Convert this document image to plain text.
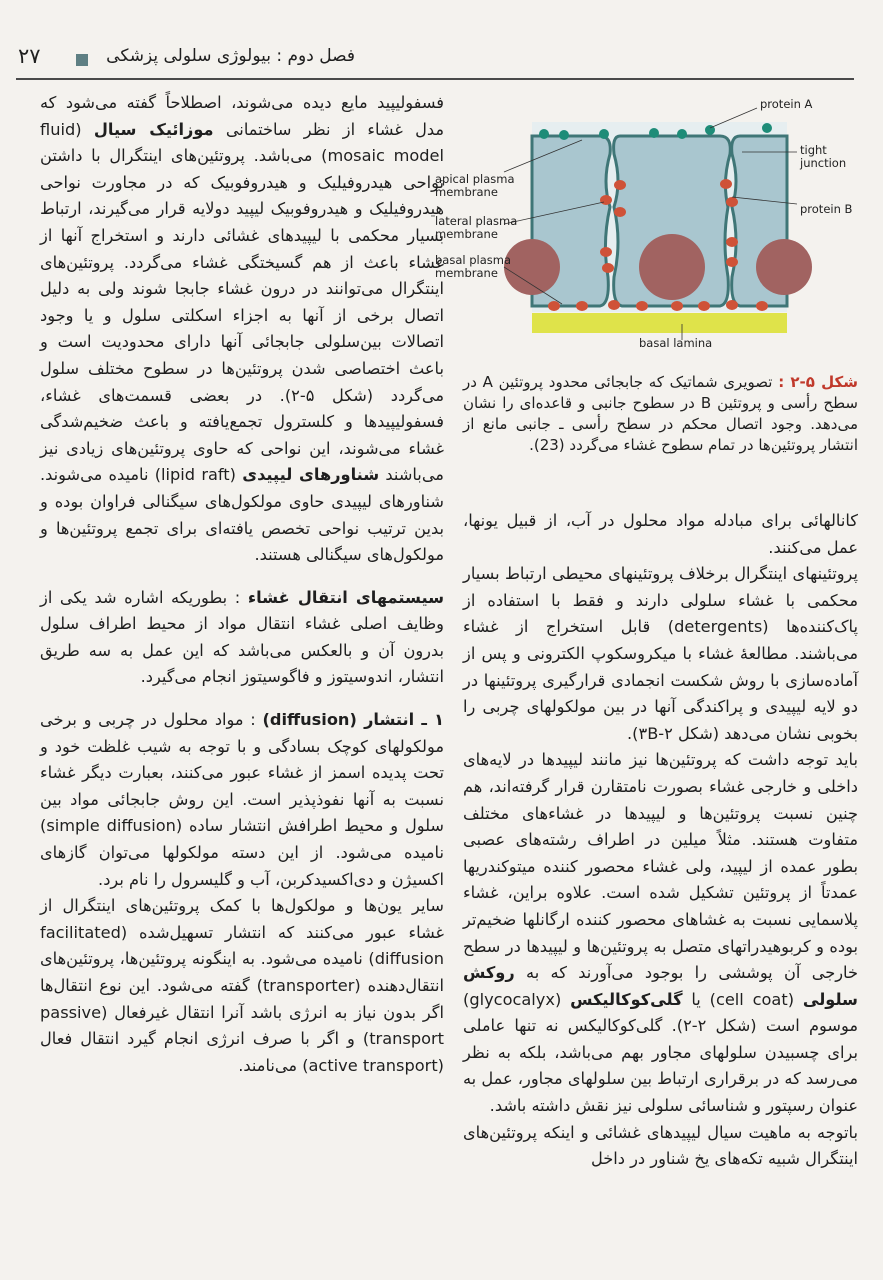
فصل دوم : بیولوژی سلولی پزشکی
۲۷
protein A
tight
junction
protein B
apical plasma
membrane
lateral plasma
membrane
basal plasma
membrane
basal lamina
شکل ۵-۲ : تصویری شماتیک که جابجائی محدود پروتئین A در سطح رأسی و پروتئین B در سطوح جانبی و قاعده‌ای را نشان می‌دهد. وجود اتصال محکم در سطح رأسی ـ جانبی مانع از انتشار پروتئین‌ها در تمام سطوح غشاء می‌گردد (23).

فسفولیپید مایع دیده می‌شوند، اصطلاحاً گفته می‌شود که مدل غشاء از نظر ساختمانی موزائیک سیال (fluid mosaic model) می‌باشد. پروتئین‌های اینتگرال با داشتن نواحی هیدروفیلیک و هیدروفوبیک که در مجاورت نواحی هیدروفیلیک و هیدروفوبیک لیپید دولایه قرار می‌گیرند، ارتباط بسیار محکمی با لیپیدهای غشائی دارند و استخراج آنها از غشاء باعث از هم گسیختگی غشاء می‌گردد. پروتئین‌های اینتگرال می‌توانند در درون غشاء جابجا شوند ولی به دلیل اتصال برخی از آنها به اجزاء اسکلتی سلول و یا وجود اتصالات بین‌سلولی جابجائی آنها دارای محدودیت است و باعث اختصاصی شدن پروتئین‌ها در سطوح مختلف سلول می‌گردد (شکل ۵-۲). در بعضی قسمت‌های غشاء، فسفولیپیدها و کلسترول تجمع‌یافته و باعث ضخیم‌شدگی غشاء می‌شوند، این نواحی که حاوی پروتئین‌های زیادی نیز می‌باشند شناورهای لیپیدی (lipid raft) نامیده می‌شوند. شناورهای لیپیدی حاوی مولکول‌های سیگنالی فراوان بوده و بدین ترتیب نواحی تخصص یافته‌ای برای تجمع پروتئین‌ها و مولکول‌های سیگنالی هستند.

سیستمهای انتقال غشاء : بطوریکه اشاره شد یکی از وظایف اصلی غشاء انتقال مواد از محیط اطراف سلول بدرون آن و بالعکس می‌باشد که این عمل به سه طریق انتشار، اندوسیتوز و فاگوسیتوز انجام می‌گیرد.

۱ ـ انتشار (diffusion) : مواد محلول در چربی و برخی مولکولهای کوچک بسادگی و با توجه به شیب غلظت خود و تحت پدیده اسمز از غشاء عبور می‌کنند، بعبارت دیگر غشاء نسبت به آنها نفوذپذیر است. این روش جابجائی مواد بین سلول و محیط اطرافش انتشار ساده (simple diffusion) نامیده می‌شود. از این دسته مولکولها می‌توان گازهای اکسیژن و دی‌اکسیدکربن، آب و گلیسرول را نام برد.

سایر یون‌ها و مولکول‌ها با کمک پروتئین‌های اینتگرال از غشاء عبور می‌کنند که انتشار تسهیل‌شده (facilitated diffusion) نامیده می‌شود. به اینگونه پروتئین‌ها، پروتئین‌های انتقال‌دهنده (transporter) گفته می‌شود. این نوع انتقال‌ها اگر بدون نیاز به انرژی باشد آنرا انتقال غیرفعال (passive transport) و اگر با صرف انرژی انجام گیرد انتقال فعال (active transport) می‌نامند.

کانالهائی برای مبادله مواد محلول در آب، از قبیل یونها، عمل می‌کنند.

پروتئینهای اینتگرال برخلاف پروتئینهای محیطی ارتباط بسیار محکمی با غشاء سلولی دارند و فقط با استفاده از پاک‌کننده‌ها (detergents) قابل استخراج از غشاء می‌باشند. مطالعهٔ غشاء با میکروسکوپ الکترونی و پس از آماده‌سازی با روش شکست انجمادی قرارگیری پروتئینها در دو لایه لیپیدی و پراکندگی آنها در بین مولکولهای چربی را بخوبی نشان می‌دهد (شکل ۳B-۲).

باید توجه داشت که پروتئین‌ها نیز مانند لیپیدها در لایه‌های داخلی و خارجی غشاء بصورت نامتقارن قرار گرفته‌اند، هم چنین نسبت پروتئین‌ها و لیپیدها در غشاءهای مختلف متفاوت هستند. مثلاً میلین در اطراف رشته‌های عصبی بطور عمده از لیپید، ولی غشاء محصور کننده میتوکندریها عمدتاً از پروتئین تشکیل شده است. علاوه براین، غشاء پلاسمایی نسبت به غشاهای محصور کننده ارگانلها ضخیم‌تر بوده و کربوهیدراتهای متصل به پروتئین‌ها و لیپیدها در سطح خارجی آن پوششی را بوجود می‌آورند که به روکش سلولی (cell coat) یا گلی‌کوکالیکس (glycocalyx) موسوم است (شکل ۲-۲). گلی‌کوکالیکس نه تنها عاملی برای چسبیدن سلولهای مجاور بهم می‌باشد، بلکه به نظر می‌رسد که در برقراری ارتباط بین سلولهای مجاور، عمل به عنوان رسپتور و شناسائی سلولی نیز نقش داشته باشد.

باتوجه به ماهیت سیال لیپیدهای غشائی و اینکه پروتئین‌های اینتگرال شبیه تکه‌های یخ شناور در داخل
